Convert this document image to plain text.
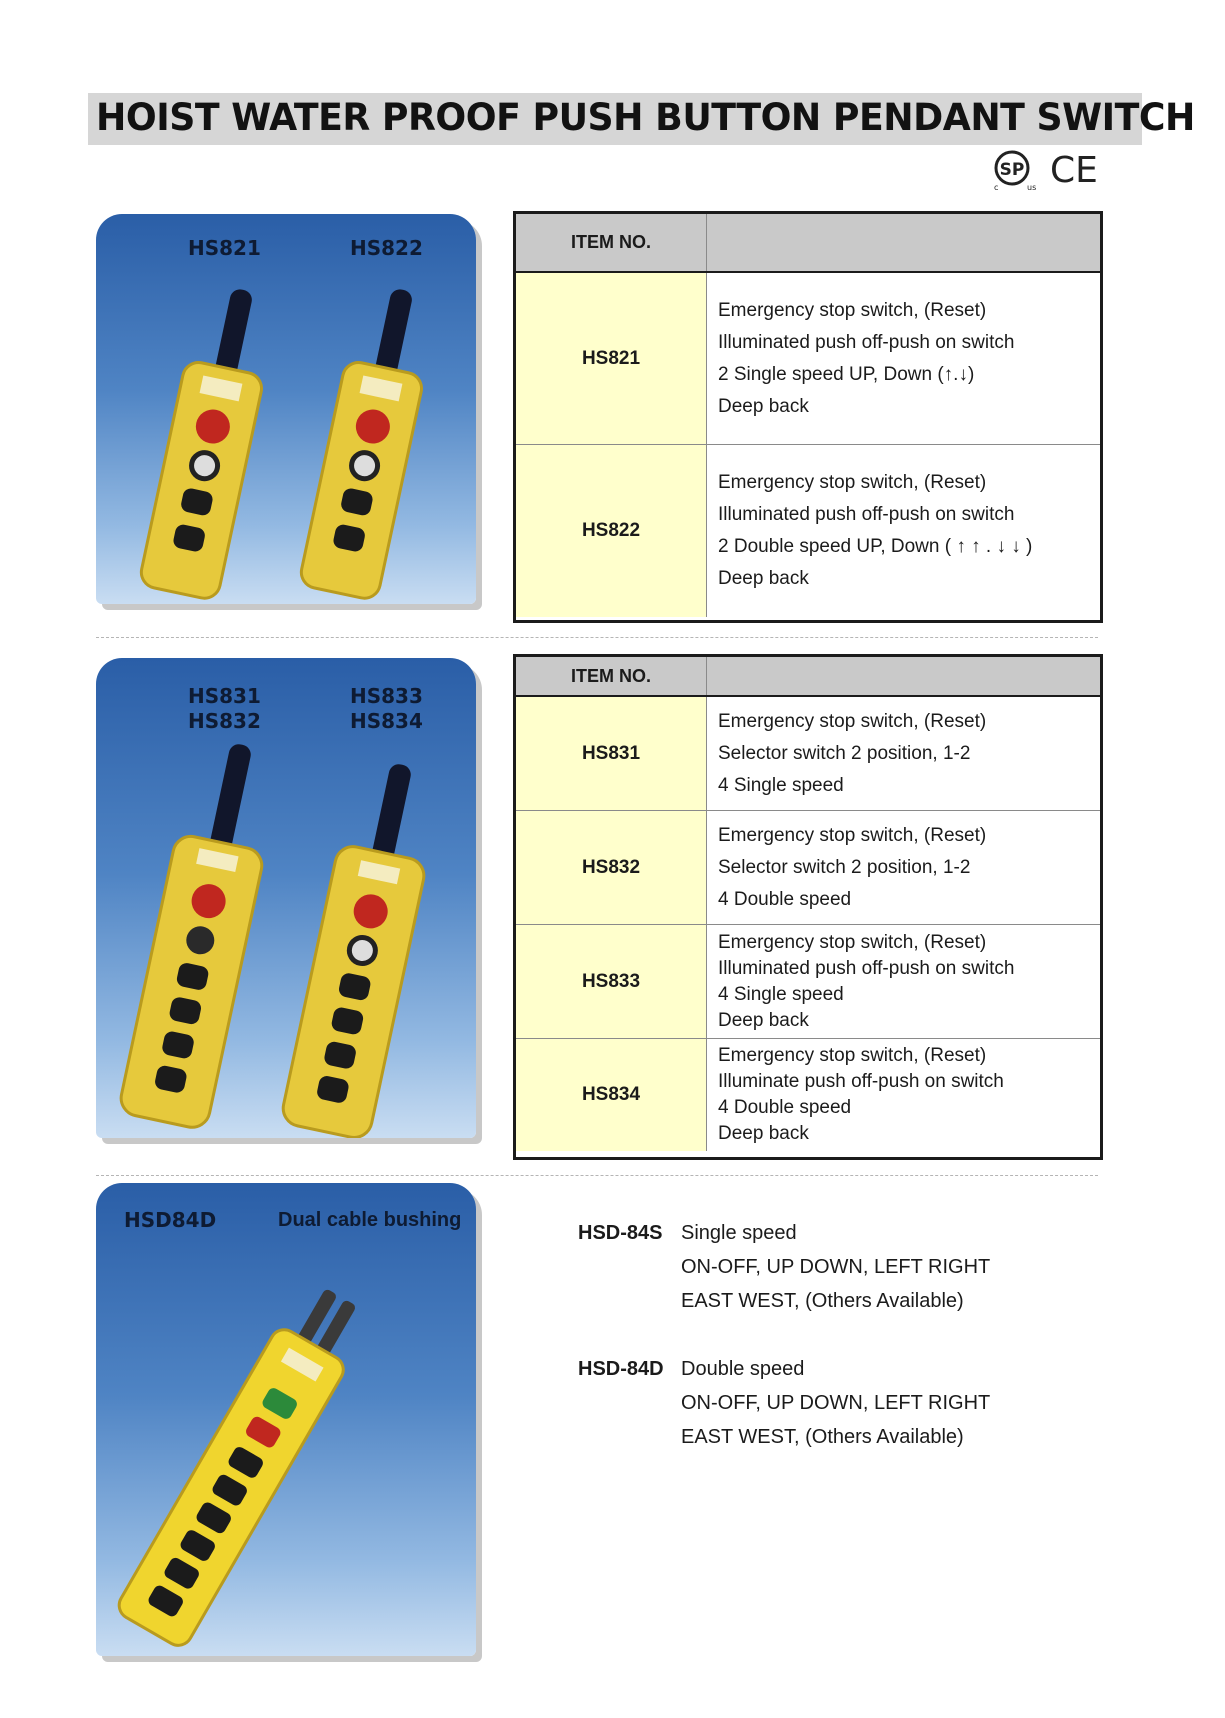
HOIST WATER PROOF PUSH BUTTON PENDANT SWITCH
SP
c	us CE
HS821	HS822	ITEM NO.
HS821
Emergency stop switch, (Reset)
Illuminated push off-push on switch
2 Single speed UP, Down (↑.↓)
Deep back
HS822
Emergency stop switch, (Reset)
Illuminated push off-push on switch
2 Double speed UP, Down ( ↑ ↑ . ↓ ↓ )
Deep back
HS831
HS832
HS833
HS834
ITEM NO.
HS831
Emergency stop switch, (Reset)
Selector switch 2 position, 1-2
4 Single speed
HS832
Emergency stop switch, (Reset)
Selector switch 2 position, 1-2
4 Double speed
HS833
Emergency stop switch, (Reset)
Illuminated push off-push on switch
4 Single speed
Deep back
HS834
Emergency stop switch, (Reset)
Illuminate push off-push on switch
4 Double speed
Deep back
HSD84D	Dual cable bushing
HSD-84S Single speed
ON-OFF, UP DOWN, LEFT RIGHT
EAST WEST, (Others Available)
HSD-84D Double speed
ON-OFF, UP DOWN, LEFT RIGHT
EAST WEST, (Others Available)
